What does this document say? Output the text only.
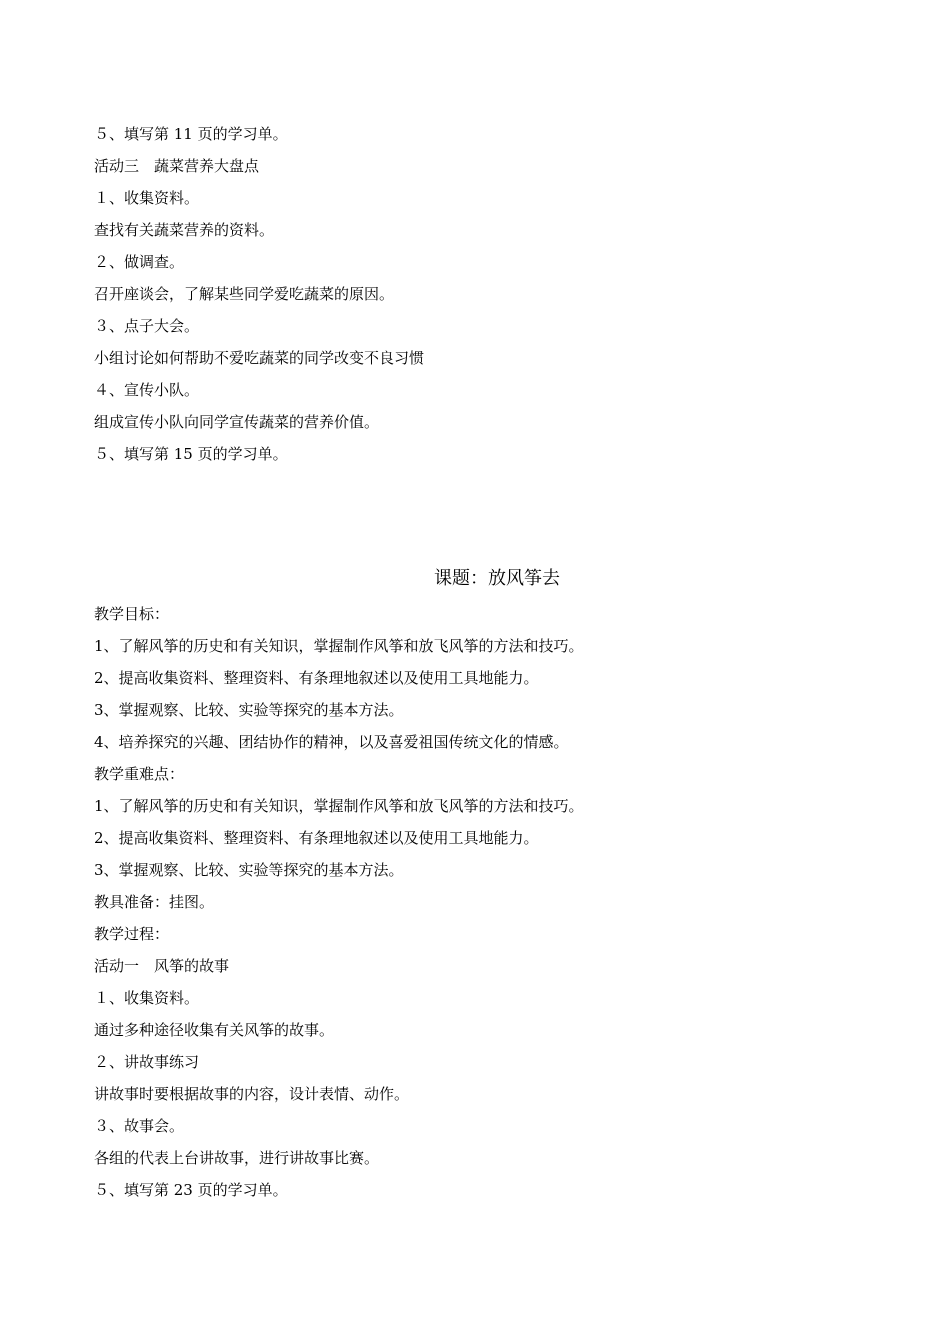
５、填写第 11 页的学习单。
活动三　蔬菜营养大盘点
１、收集资料。
查找有关蔬菜营养的资料。
２、做调查。
召开座谈会，了解某些同学爱吃蔬菜的原因。
３、点子大会。
小组讨论如何帮助不爱吃蔬菜的同学改变不良习惯
４、宣传小队。
组成宣传小队向同学宣传蔬菜的营养价值。
５、填写第 15 页的学习单。
课题：放风筝去
教学目标：
1、了解风筝的历史和有关知识，掌握制作风筝和放飞风筝的方法和技巧。
2、提高收集资料、整理资料、有条理地叙述以及使用工具地能力。
3、掌握观察、比较、实验等探究的基本方法。
4、培养探究的兴趣、团结协作的精神，以及喜爱祖国传统文化的情感。
教学重难点：
1、了解风筝的历史和有关知识，掌握制作风筝和放飞风筝的方法和技巧。
2、提高收集资料、整理资料、有条理地叙述以及使用工具地能力。
3、掌握观察、比较、实验等探究的基本方法。
教具准备：挂图。
教学过程：
活动一　风筝的故事
１、收集资料。
通过多种途径收集有关风筝的故事。
２、讲故事练习
讲故事时要根据故事的内容，设计表情、动作。
３、故事会。
各组的代表上台讲故事，进行讲故事比赛。
５、填写第 23 页的学习单。
